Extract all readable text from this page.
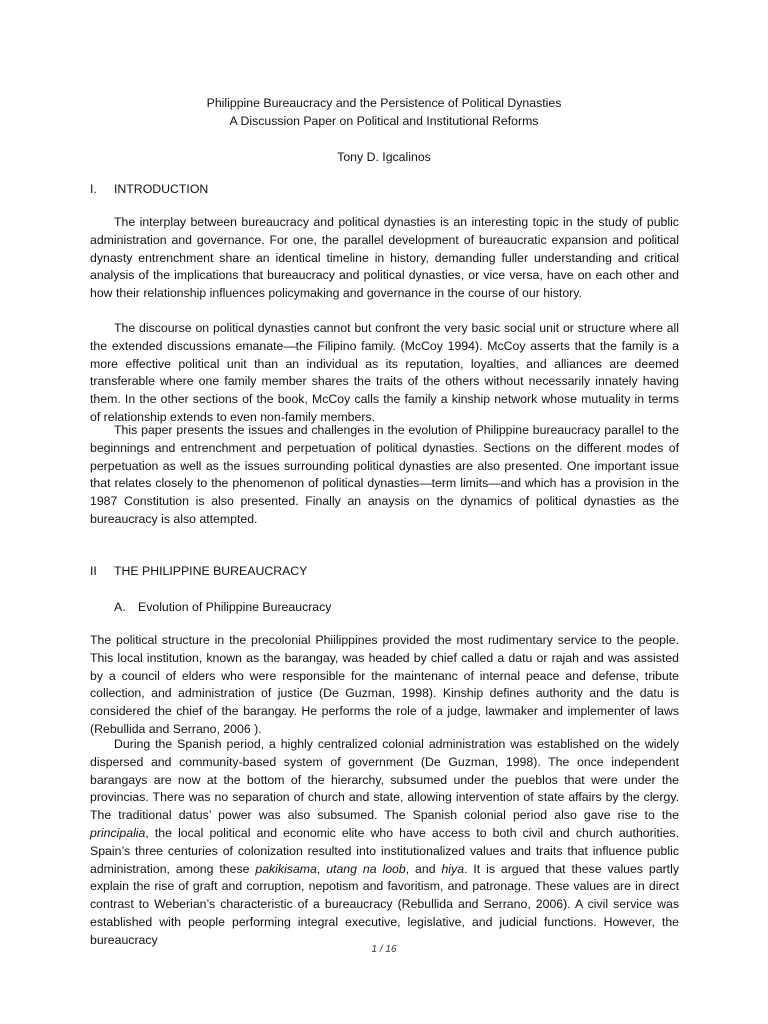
Philippine Bureaucracy and the Persistence of Political Dynasties
A Discussion Paper on Political and Institutional Reforms
Tony D. Igcalinos
I. INTRODUCTION

The interplay between bureaucracy and political dynasties is an interesting topic in the study of public administration and governance. For one, the parallel development of bureaucratic expansion and political dynasty entrenchment share an identical timeline in history, demanding fuller understanding and critical analysis of the implications that bureaucracy and political dynasties, or vice versa, have on each other and how their relationship influences policymaking and governance in the course of our history.

The discourse on political dynasties cannot but confront the very basic social unit or structure where all the extended discussions emanate—the Filipino family. (McCoy 1994). McCoy asserts that the family is a more effective political unit than an individual as its reputation, loyalties, and alliances are deemed transferable where one family member shares the traits of the others without necessarily innately having them. In the other sections of the book, McCoy calls the family a kinship network whose mutuality in terms of relationship extends to even non-family members.

This paper presents the issues and challenges in the evolution of Philippine bureaucracy parallel to the beginnings and entrenchment and perpetuation of political dynasties. Sections on the different modes of perpetuation as well as the issues surrounding political dynasties are also presented. One important issue that relates closely to the phenomenon of political dynasties—term limits—and which has a provision in the 1987 Constitution is also presented. Finally an anaysis on the dynamics of political dynasties as the bureaucracy is also attempted.

II THE PHILIPPINE BUREAUCRACY
A. Evolution of Philippine Bureaucracy

The political structure in the precolonial Phiilippines provided the most rudimentary service to the people. This local institution, known as the barangay, was headed by chief called a datu or rajah and was assisted by a council of elders who were responsible for the maintenanc of internal peace and defense, tribute collection, and administration of justice (De Guzman, 1998). Kinship defines authority and the datu is considered the chief of the barangay. He performs the role of a judge, lawmaker and implementer of laws (Rebullida and Serrano, 2006 ).

During the Spanish period, a highly centralized colonial administration was established on the widely dispersed and community-based system of government (De Guzman, 1998). The once independent barangays are now at the bottom of the hierarchy, subsumed under the pueblos that were under the provincias. There was no separation of church and state, allowing intervention of state affairs by the clergy. The traditional datus’ power was also subsumed. The Spanish colonial period also gave rise to the principalia, the local political and economic elite who have access to both civil and church authorities. Spain’s three centuries of colonization resulted into institutionalized values and traits that influence public administration, among these pakikisama, utang na loob, and hiya. It is argued that these values partly explain the rise of graft and corruption, nepotism and favoritism, and patronage. These values are in direct contrast to Weberian’s characteristic of a bureaucracy (Rebullida and Serrano, 2006). A civil service was established with people performing integral executive, legislative, and judicial functions. However, the bureaucracy

1 / 16
